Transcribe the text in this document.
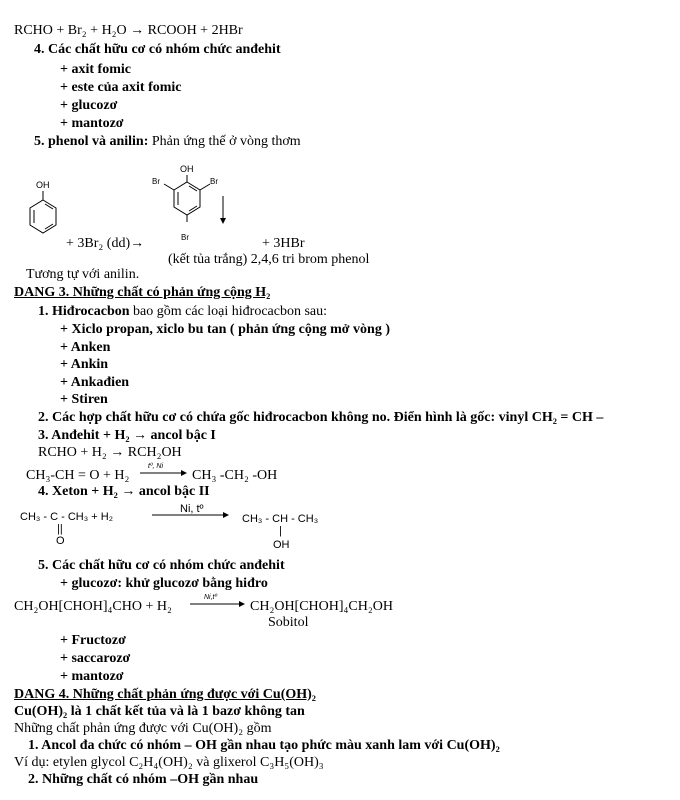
RCHO + Br₂ + H₂O → RCOOH + 2HBr
4. Các chất hữu cơ có nhóm chức anđehit
+ axit fomic
+ este của axit fomic
+ glucozơ
+ mantozơ
5. phenol và anilin: Phản ứng thế ở vòng thơm
OH
OH
Br	Br
Br
+ 3Br₂ (dd)→	+ 3HBr
(kết tủa trắng) 2,4,6 tri brom phenol
Tương tự với anilin.
DANG 3. Những chất có phản ứng cộng H₂
1. Hiđrocacbon bao gồm các loại hiđrocacbon sau:
+ Xiclo propan, xiclo bu tan ( phản ứng cộng mở vòng )
+ Anken
+ Ankin
+ Ankađien
+ Stiren
2. Các hợp chất hữu cơ có chứa gốc hiđrocacbon không no. Điển hình là gốc: vinyl CH₂ = CH –
3. Anđehit + H₂ → ancol bậc I
RCHO + H₂ → RCH₂OH
CH₃-CH = O + H₂
tº, Ni
CH₃ -CH₂ -OH
4. Xeton + H₂ → ancol bậc II
Ni, tº
CH₃ - C - CH₃ + H₂
||
O
CH₃ - CH - CH₃
|
OH
5. Các chất hữu cơ có nhóm chức anđehit
+ glucozơ: khử glucozơ bằng hiđro
CH₂OH[CHOH]₄CHO + H₂
Ni,tº
CH₂OH[CHOH]₄CH₂OH
Sobitol
+ Fructozơ
+ saccarozơ
+ mantozơ
DANG 4. Những chất phản ứng được với Cu(OH)₂
Cu(OH)₂ là 1 chất kết tủa và là 1 bazơ không tan
Những chất phản ứng được với Cu(OH)₂ gồm
1. Ancol đa chức có nhóm – OH gần nhau tạo phức màu xanh lam với Cu(OH)₂
Ví dụ: etylen glycol C₂H₄(OH)₂ và glixerol C₃H₅(OH)₃
2. Những chất có nhóm –OH gần nhau
